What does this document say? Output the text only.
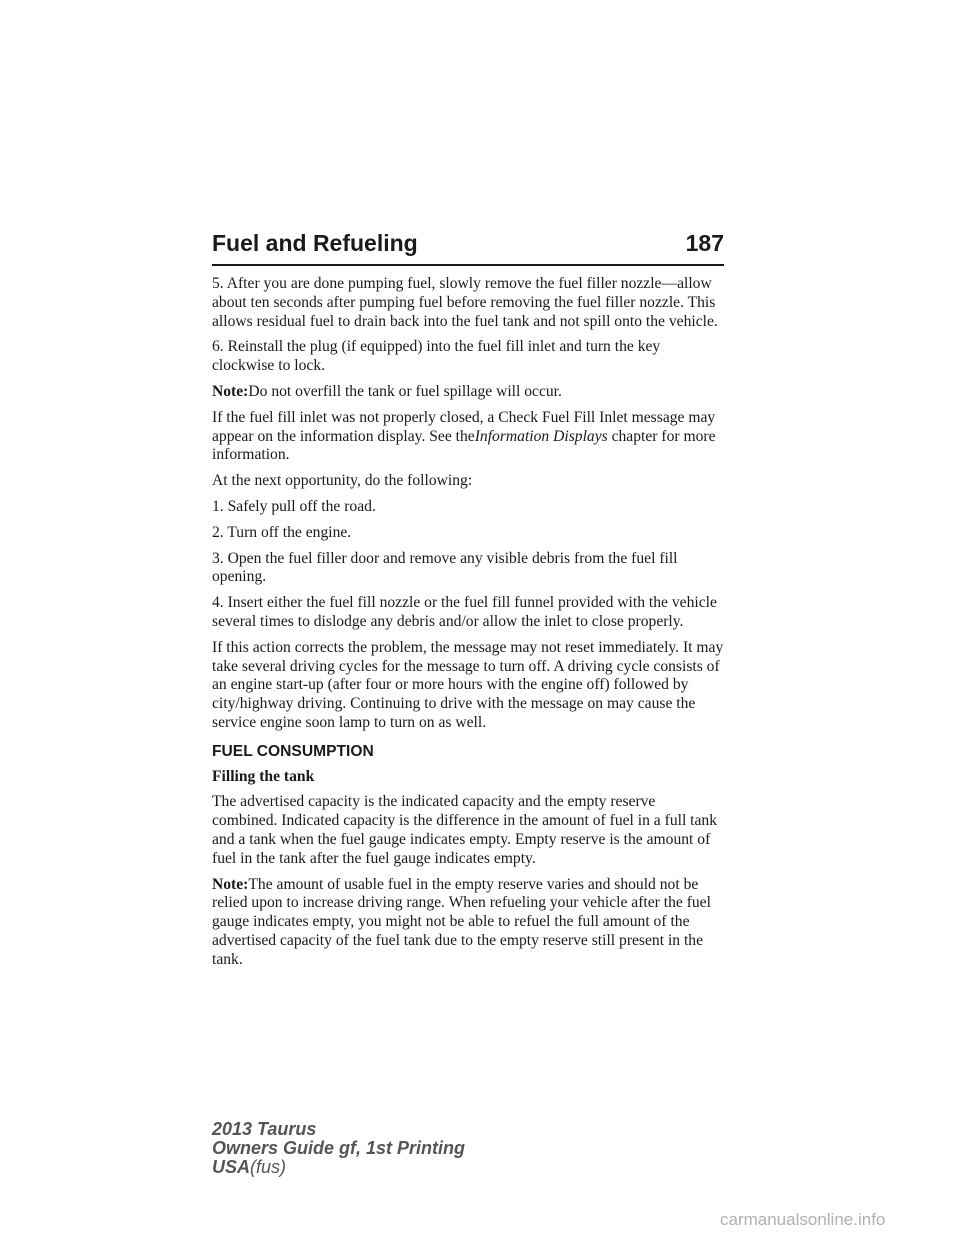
Fuel and Refueling	187

5. After you are done pumping fuel, slowly remove the fuel filler nozzle—allow about ten seconds after pumping fuel before removing the fuel filler nozzle. This allows residual fuel to drain back into the fuel tank and not spill onto the vehicle.

6. Reinstall the plug (if equipped) into the fuel fill inlet and turn the key clockwise to lock.

Note:Do not overfill the tank or fuel spillage will occur.

If the fuel fill inlet was not properly closed, a Check Fuel Fill Inlet message may appear on the information display. See theInformation Displays chapter for more information.

At the next opportunity, do the following:

1. Safely pull off the road.

2. Turn off the engine.

3. Open the fuel filler door and remove any visible debris from the fuel fill opening.

4. Insert either the fuel fill nozzle or the fuel fill funnel provided with the vehicle several times to dislodge any debris and/or allow the inlet to close properly.

If this action corrects the problem, the message may not reset immediately. It may take several driving cycles for the message to turn off. A driving cycle consists of an engine start-up (after four or more hours with the engine off) followed by city/highway driving. Continuing to drive with the message on may cause the service engine soon lamp to turn on as well.

FUEL CONSUMPTION
Filling the tank

The advertised capacity is the indicated capacity and the empty reserve combined. Indicated capacity is the difference in the amount of fuel in a full tank and a tank when the fuel gauge indicates empty. Empty reserve is the amount of fuel in the tank after the fuel gauge indicates empty.

Note:The amount of usable fuel in the empty reserve varies and should not be relied upon to increase driving range. When refueling your vehicle after the fuel gauge indicates empty, you might not be able to refuel the full amount of the advertised capacity of the fuel tank due to the empty reserve still present in the tank.

2013 Taurus
Owners Guide gf, 1st Printing
USA(fus)
carmanualsonline.info
